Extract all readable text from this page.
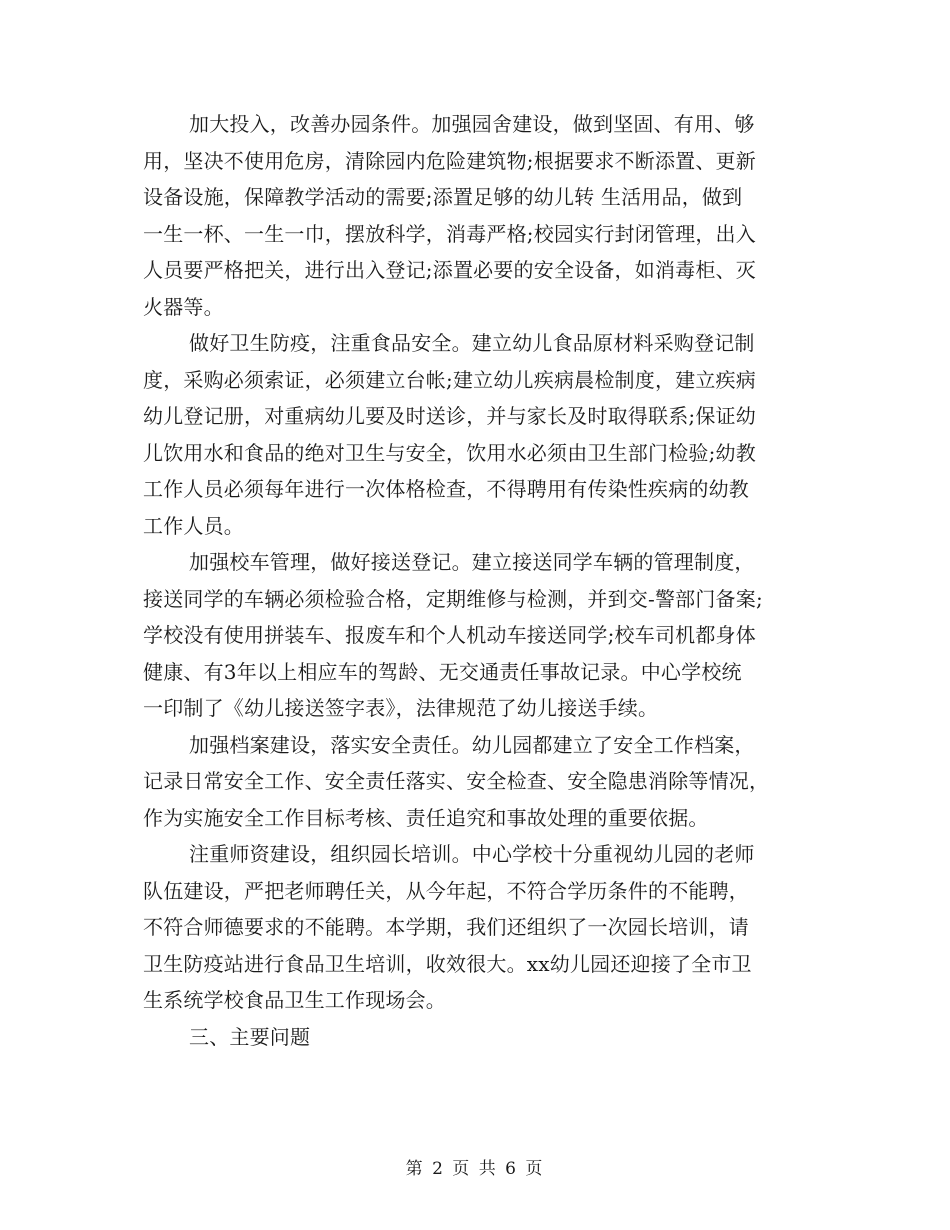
加大投入，改善办园条件。加强园舍建设，做到坚固、有用、够
用，坚决不使用危房，清除园内危险建筑物;根据要求不断添置、更新
设备设施，保障教学活动的需要;添置足够的幼儿转 生活用品，做到
一生一杯、一生一巾，摆放科学，消毒严格;校园实行封闭管理，出入
人员要严格把关，进行出入登记;添置必要的安全设备，如消毒柜、灭
火器等。
做好卫生防疫，注重食品安全。建立幼儿食品原材料采购登记制
度，采购必须索证，必须建立台帐;建立幼儿疾病晨检制度，建立疾病
幼儿登记册，对重病幼儿要及时送诊，并与家长及时取得联系;保证幼
儿饮用水和食品的绝对卫生与安全，饮用水必须由卫生部门检验;幼教
工作人员必须每年进行一次体格检查，不得聘用有传染性疾病的幼教
工作人员。
加强校车管理，做好接送登记。建立接送同学车辆的管理制度，
接送同学的车辆必须检验合格，定期维修与检测，并到交-警部门备案;
学校没有使用拼装车、报废车和个人机动车接送同学;校车司机都身体
健康、有3年以上相应车的驾龄、无交通责任事故记录。中心学校统
一印制了《幼儿接送签字表》，法律规范了幼儿接送手续。
加强档案建设，落实安全责任。幼儿园都建立了安全工作档案，
记录日常安全工作、安全责任落实、安全检查、安全隐患消除等情况，
作为实施安全工作目标考核、责任追究和事故处理的重要依据。
注重师资建设，组织园长培训。中心学校十分重视幼儿园的老师
队伍建设，严把老师聘任关，从今年起，不符合学历条件的不能聘，
不符合师德要求的不能聘。本学期，我们还组织了一次园长培训，请
卫生防疫站进行食品卫生培训，收效很大。xx幼儿园还迎接了全市卫
生系统学校食品卫生工作现场会。
三、主要问题
第 2 页 共 6 页
